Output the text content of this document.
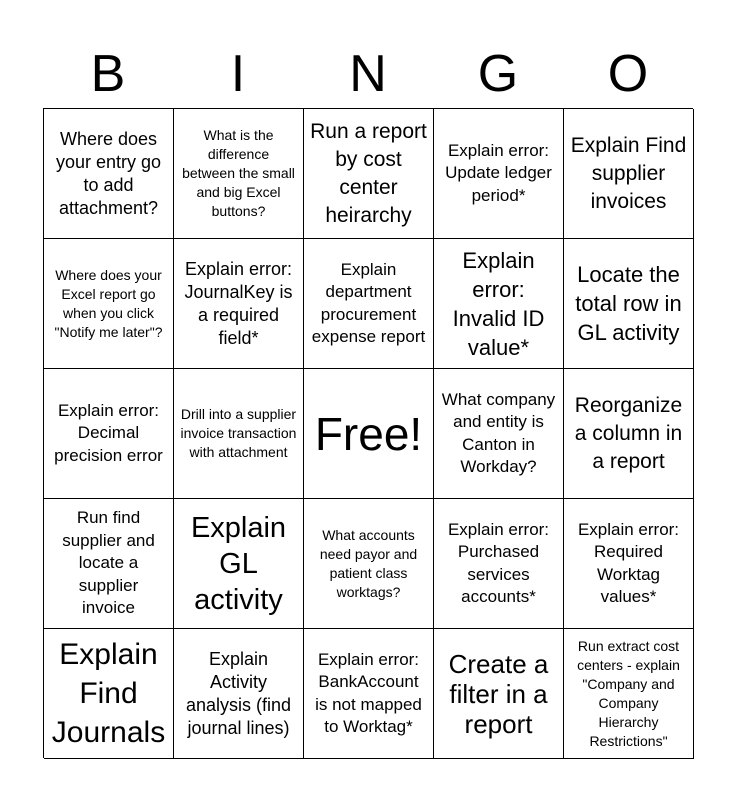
B	I	N	G	O
Where does your entry go to add attachment?
What is the difference between the small and big Excel buttons?
Run a report by cost center heirarchy
Explain error: Update ledger period*
Explain Find supplier invoices
Where does your Excel report go when you click "Notify me later"?
Explain error: JournalKey is a required field*
Explain department procurement expense report
Explain error: Invalid ID value*
Locate the total row in GL activity
Explain error: Decimal precision error
Drill into a supplier invoice transaction with attachment Free!
What company and entity is Canton in Workday?
Reorganize a column in a report
Run find supplier and locate a supplier invoice
Explain GL activity
What accounts need payor and patient class worktags?
Explain error: Purchased services accounts*
Explain error: Required Worktag values*
Explain Find Journals
Explain Activity analysis (find journal lines)
Explain error: BankAccount is not mapped to Worktag*
Create a filter in a report
Run extract cost centers - explain "Company and Company Hierarchy Restrictions"
